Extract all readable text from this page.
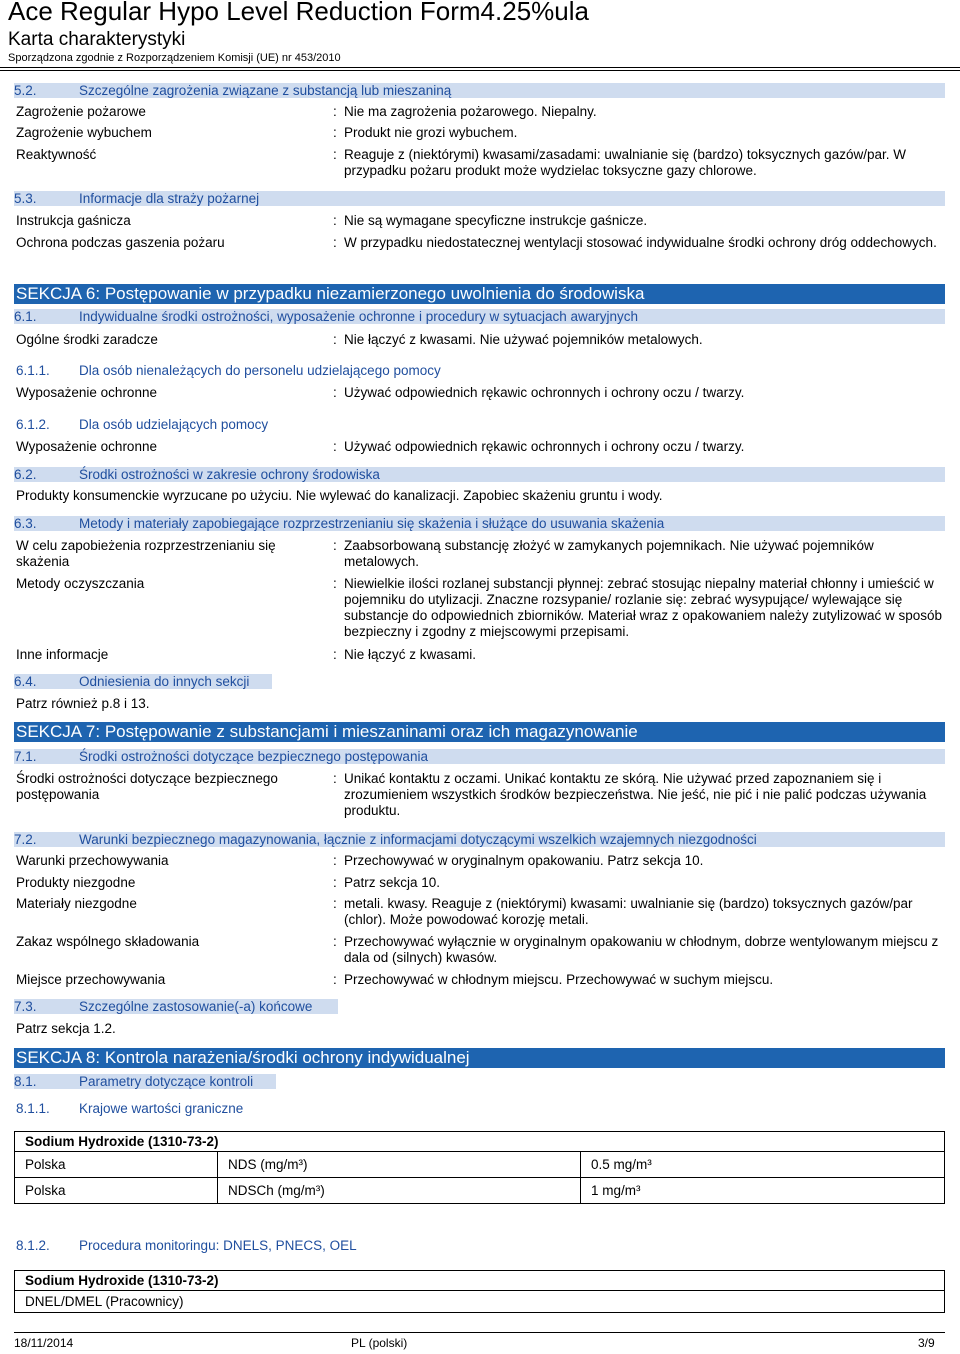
Ace Regular Hypo Level Reduction Form4.25%ula
Karta charakterystyki
Sporządzona zgodnie z Rozporządzeniem Komisji (UE) nr 453/2010
5.2.	Szczególne zagrożenia związane z substancją lub mieszaniną
Zagrożenie pożarowe	: Nie ma zagrożenia pożarowego. Niepalny.
Zagrożenie wybuchem	: Produkt nie grozi wybuchem.
Reaktywność	: Reaguje z (niektórymi) kwasami/zasadami: uwalnianie się (bardzo) toksycznych gazów/par. W przypadku pożaru produkt może wydzielac toksyczne gazy chlorowe.
5.3.	Informacje dla straży pożarnej
Instrukcja gaśnicza	: Nie są wymagane specyficzne instrukcje gaśnicze.
Ochrona podczas gaszenia pożaru	: W przypadku niedostatecznej wentylacji stosować indywidualne środki ochrony dróg oddechowych.
SEKCJA 6: Postępowanie w przypadku niezamierzonego uwolnienia do środowiska
6.1.	Indywidualne środki ostrożności, wyposażenie ochronne i procedury w sytuacjach awaryjnych
Ogólne środki zaradcze	: Nie łączyć z kwasami. Nie używać pojemników metalowych.
6.1.1. Dla osób nienależących do personelu udzielającego pomocy
Wyposażenie ochronne	: Używać odpowiednich rękawic ochronnych i ochrony oczu / twarzy.
6.1.2. Dla osób udzielających pomocy
Wyposażenie ochronne	: Używać odpowiednich rękawic ochronnych i ochrony oczu / twarzy.
6.2.	Środki ostrożności w zakresie ochrony środowiska
Produkty konsumenckie wyrzucane po użyciu. Nie wylewać do kanalizacji. Zapobiec skażeniu gruntu i wody.
6.3.	Metody i materiały zapobiegające rozprzestrzenianiu się skażenia i służące do usuwania skażenia
W celu zapobieżenia rozprzestrzenianiu się skażenia
: Zaabsorbowaną substancję złożyć w zamykanych pojemnikach. Nie używać pojemników metalowych.
Metody oczyszczania	: Niewielkie ilości rozlanej substancji płynnej: zebrać stosując niepalny materiał chłonny i umieścić w pojemniku do utylizacji. Znaczne rozsypanie/ rozlanie się: zebrać wysypujące/ wylewające się substancje do odpowiednich zbiorników. Materiał wraz z opakowaniem należy zutylizować w sposób bezpieczny i zgodny z miejscowymi przepisami.
Inne informacje	: Nie łączyć z kwasami.
6.4.	Odniesienia do innych sekcji
Patrz również p.8 i 13.
SEKCJA 7: Postępowanie z substancjami i mieszaninami oraz ich magazynowanie
7.1.	Środki ostrożności dotyczące bezpiecznego postępowania
Środki ostrożności dotyczące bezpiecznego postępowania
: Unikać kontaktu z oczami. Unikać kontaktu ze skórą. Nie używać przed zapoznaniem się i zrozumieniem wszystkich środków bezpieczeństwa. Nie jeść, nie pić i nie palić podczas używania produktu.
7.2.	Warunki bezpiecznego magazynowania, łącznie z informacjami dotyczącymi wszelkich wzajemnych niezgodności
Warunki przechowywania	: Przechowywać w oryginalnym opakowaniu. Patrz sekcja 10.
Produkty niezgodne	: Patrz sekcja 10.
Materiały niezgodne	: metali. kwasy. Reaguje z (niektórymi) kwasami: uwalnianie się (bardzo) toksycznych gazów/par (chlor). Może powodować korozję metali.
Zakaz wspólnego składowania	: Przechowywać wyłącznie w oryginalnym opakowaniu w chłodnym, dobrze wentylowanym miejscu z dala od (silnych) kwasów.
Miejsce przechowywania	: Przechowywać w chłodnym miejscu. Przechowywać w suchym miejscu.
7.3.	Szczególne zastosowanie(-a) końcowe
Patrz sekcja 1.2.
SEKCJA 8: Kontrola narażenia/środki ochrony indywidualnej
8.1.	Parametry dotyczące kontroli
8.1.1. Krajowe wartości graniczne
Sodium Hydroxide (1310-73-2)		
Polska	NDS (mg/m³)	0.5 mg/m³
Polska	NDSCh (mg/m³)	1 mg/m³
8.1.2. Procedura monitoringu: DNELS, PNECS, OEL
Sodium Hydroxide (1310-73-2)
DNEL/DMEL (Pracownicy)
18/11/2014	PL (polski)	3/9
